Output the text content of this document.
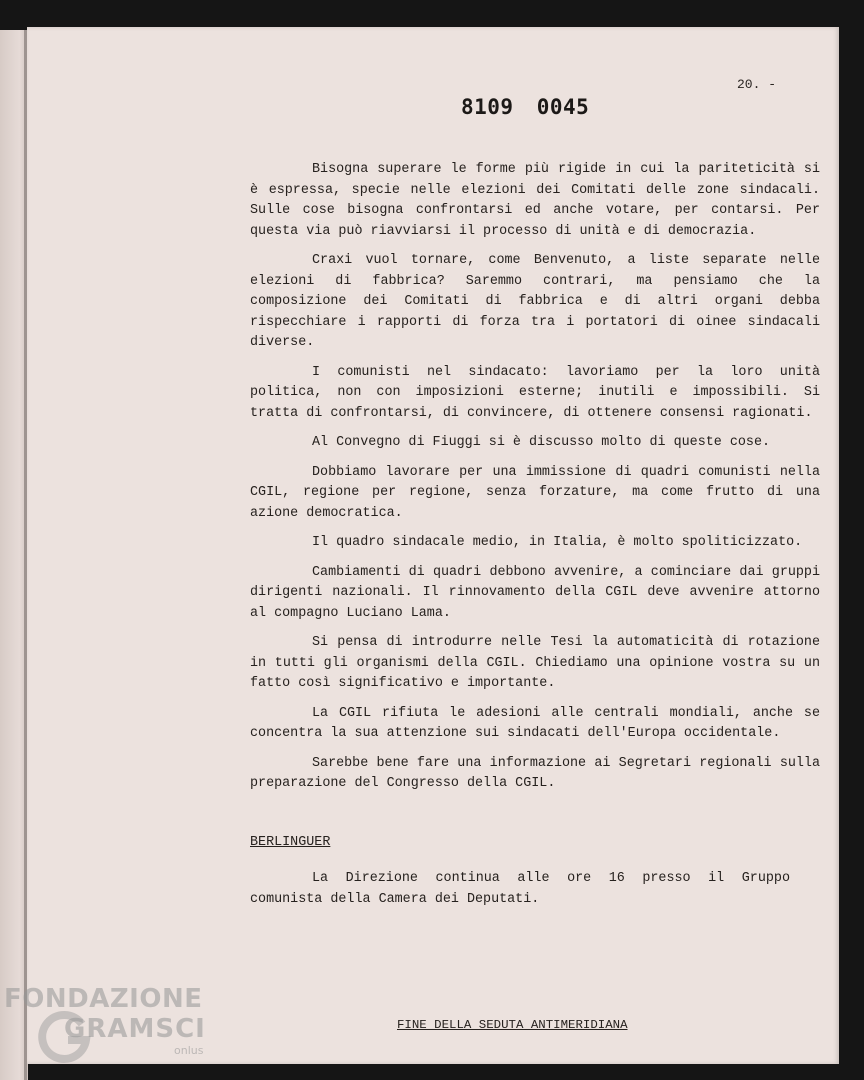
20. -
8109 0045

Bisogna superare le forme più rigide in cui la pariteticità si è espressa, specie nelle elezioni dei Comitati delle zone sindacali. Sulle cose bisogna confrontarsi ed anche votare, per contarsi. Per questa via può riavviarsi il processo di unità e di democrazia.

Craxi vuol tornare, come Benvenuto, a liste separate nelle elezioni di fabbrica? Saremmo contrari, ma pensiamo che la composizione dei Comitati di fabbrica e di altri organi debba rispecchiare i rapporti di forza tra i portatori di oinee sindacali diverse.

I comunisti nel sindacato: lavoriamo per la loro unità politica, non con imposizioni esterne; inutili e impossibili. Si tratta di confrontarsi, di convincere, di ottenere consensi ragionati.

Al Convegno di Fiuggi si è discusso molto di queste cose.

Dobbiamo lavorare per una immissione di quadri comunisti nella CGIL, regione per regione, senza forzature, ma come frutto di una azione democratica.

Il quadro sindacale medio, in Italia, è molto spoliticizzato.

Cambiamenti di quadri debbono avvenire, a cominciare dai gruppi dirigenti nazionali. Il rinnovamento della CGIL deve avvenire attorno al compagno Luciano Lama.

Si pensa di introdurre nelle Tesi la automaticità di rotazione in tutti gli organismi della CGIL. Chiediamo una opinione vostra su un fatto così significativo e importante.

La CGIL rifiuta le adesioni alle centrali mondiali, anche se concentra la sua attenzione sui sindacati dell'Europa occidentale.

Sarebbe bene fare una informazione ai Segretari regionali sulla preparazione del Congresso della CGIL.

BERLINGUER

La Direzione continua alle ore 16 presso il Gruppo comunista della Camera dei Deputati.

FINE DELLA SEDUTA ANTIMERIDIANA
FONDAZIONE
GRAMSCI
onlus
